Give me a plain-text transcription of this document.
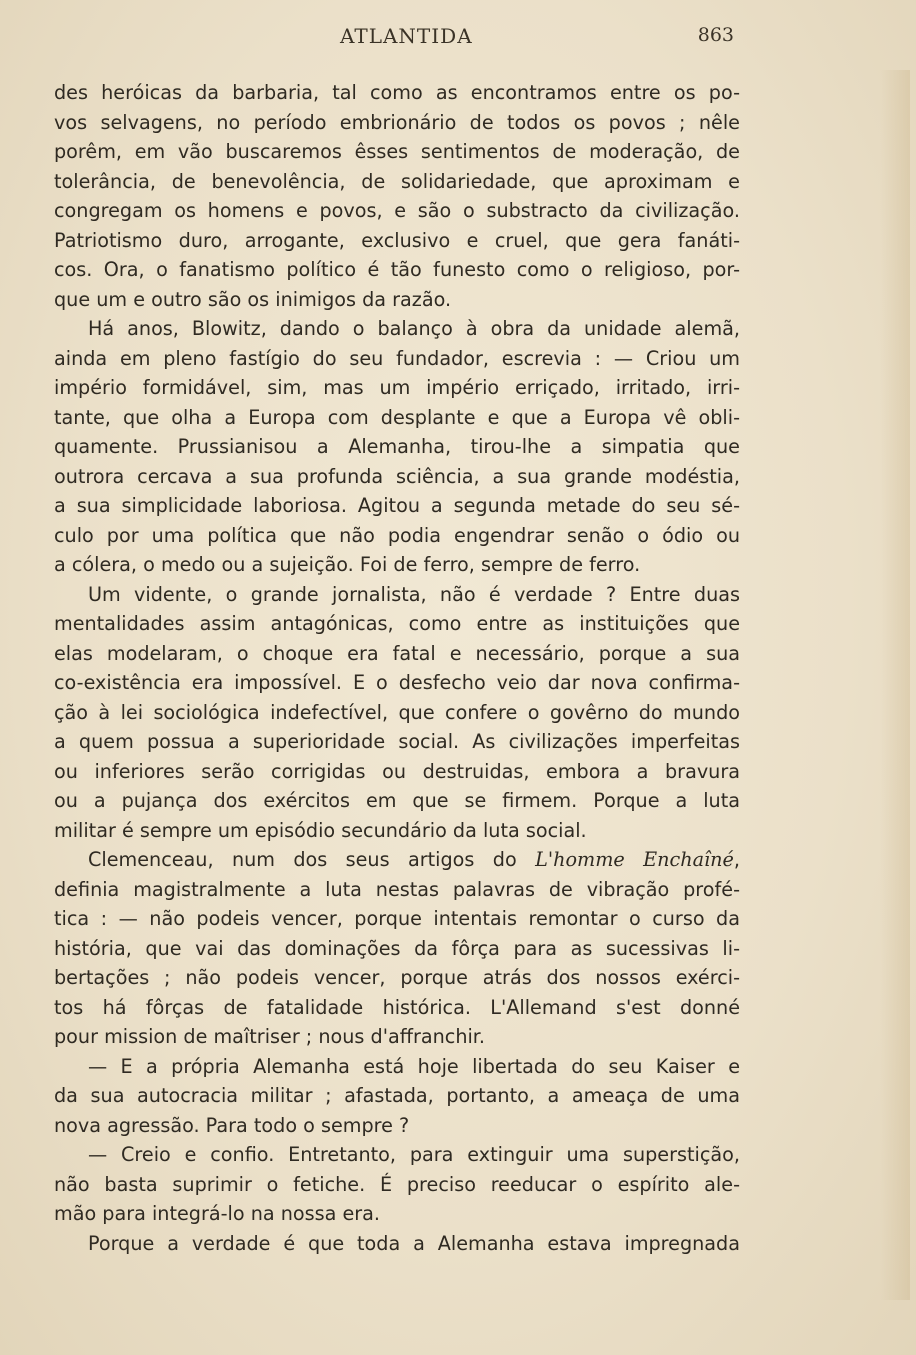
ATLANTIDA	863
des heróicas da barbaria, tal como as encontramos entre os po-
vos selvagens, no período embrionário de todos os povos ; nêle
porêm, em vão buscaremos êsses sentimentos de moderação, de
tolerância, de benevolência, de solidariedade, que aproximam e
congregam os homens e povos, e são o substracto da civilização.
Patriotismo duro, arrogante, exclusivo e cruel, que gera fanáti-
cos. Ora, o fanatismo político é tão funesto como o religioso, por-
que um e outro são os inimigos da razão.
Há anos, Blowitz, dando o balanço à obra da unidade alemã,
ainda em pleno fastígio do seu fundador, escrevia : — Criou um
império formidável, sim, mas um império erriçado, irritado, irri-
tante, que olha a Europa com desplante e que a Europa vê obli-
quamente. Prussianisou a Alemanha, tirou-lhe a simpatia que
outrora cercava a sua profunda sciência, a sua grande modéstia,
a sua simplicidade laboriosa. Agitou a segunda metade do seu sé-
culo por uma política que não podia engendrar senão o ódio ou
a cólera, o medo ou a sujeição. Foi de ferro, sempre de ferro.
Um vidente, o grande jornalista, não é verdade ? Entre duas
mentalidades assim antagónicas, como entre as instituições que
elas modelaram, o choque era fatal e necessário, porque a sua
co-existência era impossível. E o desfecho veio dar nova confirma-
ção à lei sociológica indefectível, que confere o govêrno do mundo
a quem possua a superioridade social. As civilizações imperfeitas
ou inferiores serão corrigidas ou destruidas, embora a bravura
ou a pujança dos exércitos em que se firmem. Porque a luta
militar é sempre um episódio secundário da luta social.
Clemenceau, num dos seus artigos do L'homme Enchaîné,
definia magistralmente a luta nestas palavras de vibração profé-
tica : — não podeis vencer, porque intentais remontar o curso da
história, que vai das dominações da fôrça para as sucessivas li-
bertações ; não podeis vencer, porque atrás dos nossos exérci-
tos há fôrças de fatalidade histórica. L'Allemand s'est donné
pour mission de maîtriser ; nous d'affranchir.
— E a própria Alemanha está hoje libertada do seu Kaiser e
da sua autocracia militar ; afastada, portanto, a ameaça de uma
nova agressão. Para todo o sempre ?
— Creio e confio. Entretanto, para extinguir uma superstição,
não basta suprimir o fetiche. É preciso reeducar o espírito ale-
mão para integrá-lo na nossa era.
Porque a verdade é que toda a Alemanha estava impregnada
